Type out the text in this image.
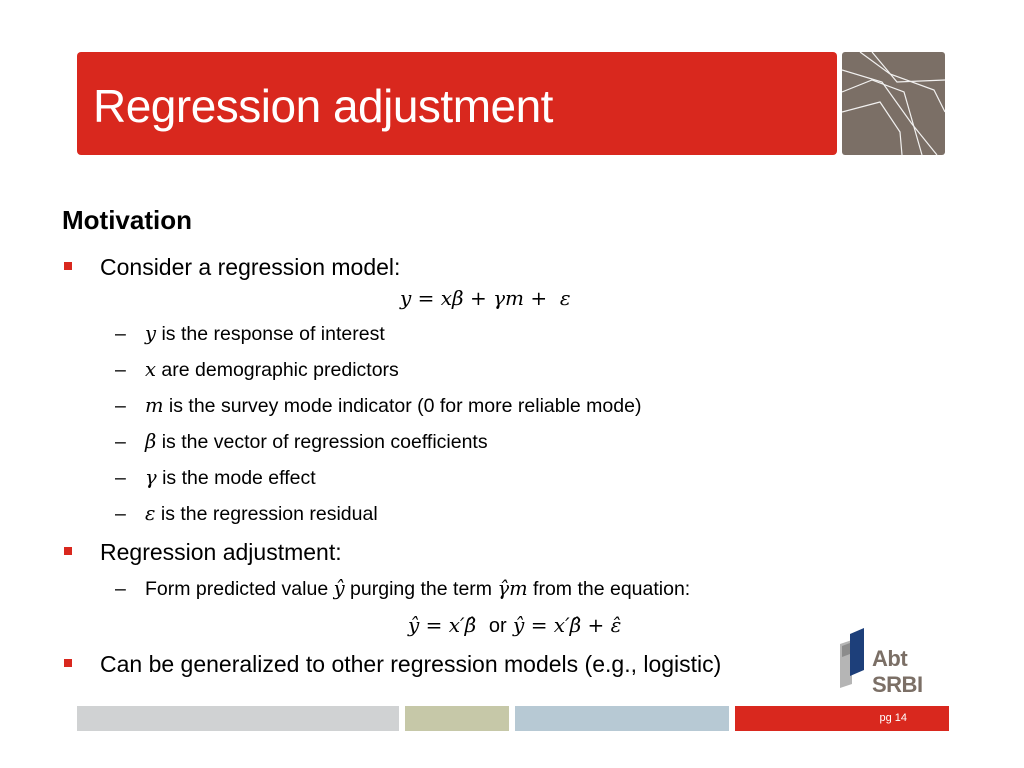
Regression adjustment
Motivation
Consider a regression model:
y = xβ + γm +  ε
– y is the response of interest
– x are demographic predictors
– m is the survey mode indicator (0 for more reliable mode)
– β is the vector of regression coefficients
– γ is the mode effect
– ε is the regression residual
Regression adjustment:
– Form predicted value ŷ purging the term γ̂m from the equation:
ŷ = x′β̂ or ŷ = x′β̂ + ε̂
Can be generalized to other regression models (e.g., logistic)	Abt SRBI
pg 14
